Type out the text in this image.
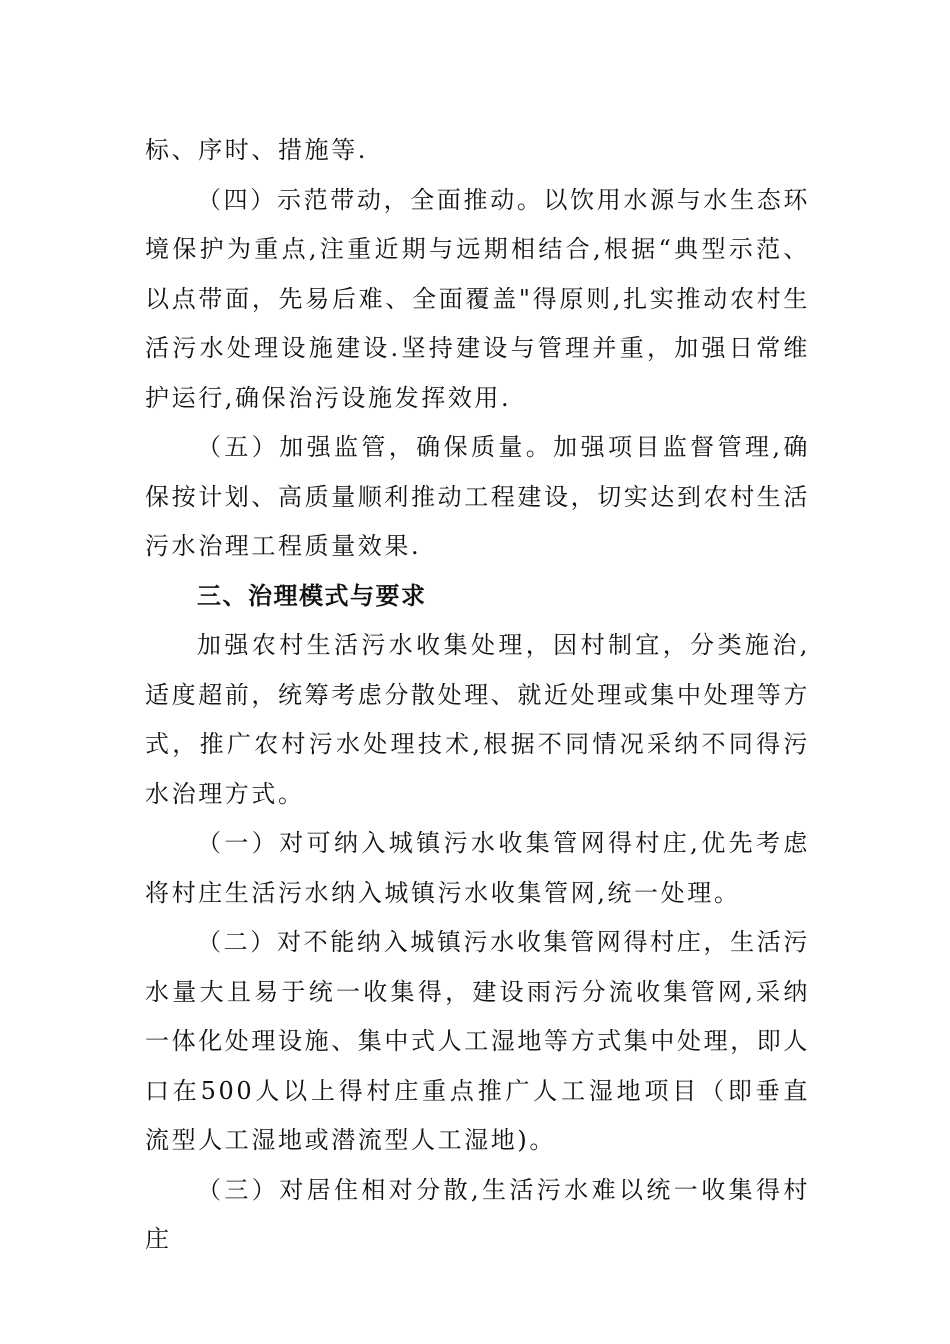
标、序时、措施等.

（四）示范带动，全面推动。以饮用水源与水生态环境保护为重点,注重近期与远期相结合,根据“典型示范、以点带面，先易后难、全面覆盖"得原则,扎实推动农村生活污水处理设施建设.坚持建设与管理并重，加强日常维护运行,确保治污设施发挥效用.

（五）加强监管，确保质量。加强项目监督管理,确保按计划、高质量顺利推动工程建设，切实达到农村生活污水治理工程质量效果.

三、治理模式与要求

加强农村生活污水收集处理，因村制宜，分类施治,适度超前，统筹考虑分散处理、就近处理或集中处理等方式，推广农村污水处理技术,根据不同情况采纳不同得污水治理方式。

（一）对可纳入城镇污水收集管网得村庄,优先考虑将村庄生活污水纳入城镇污水收集管网,统一处理。

（二）对不能纳入城镇污水收集管网得村庄，生活污水量大且易于统一收集得，建设雨污分流收集管网,采纳一体化处理设施、集中式人工湿地等方式集中处理，即人口在500人以上得村庄重点推广人工湿地项目（即垂直流型人工湿地或潜流型人工湿地)。

（三）对居住相对分散,生活污水难以统一收集得村庄
